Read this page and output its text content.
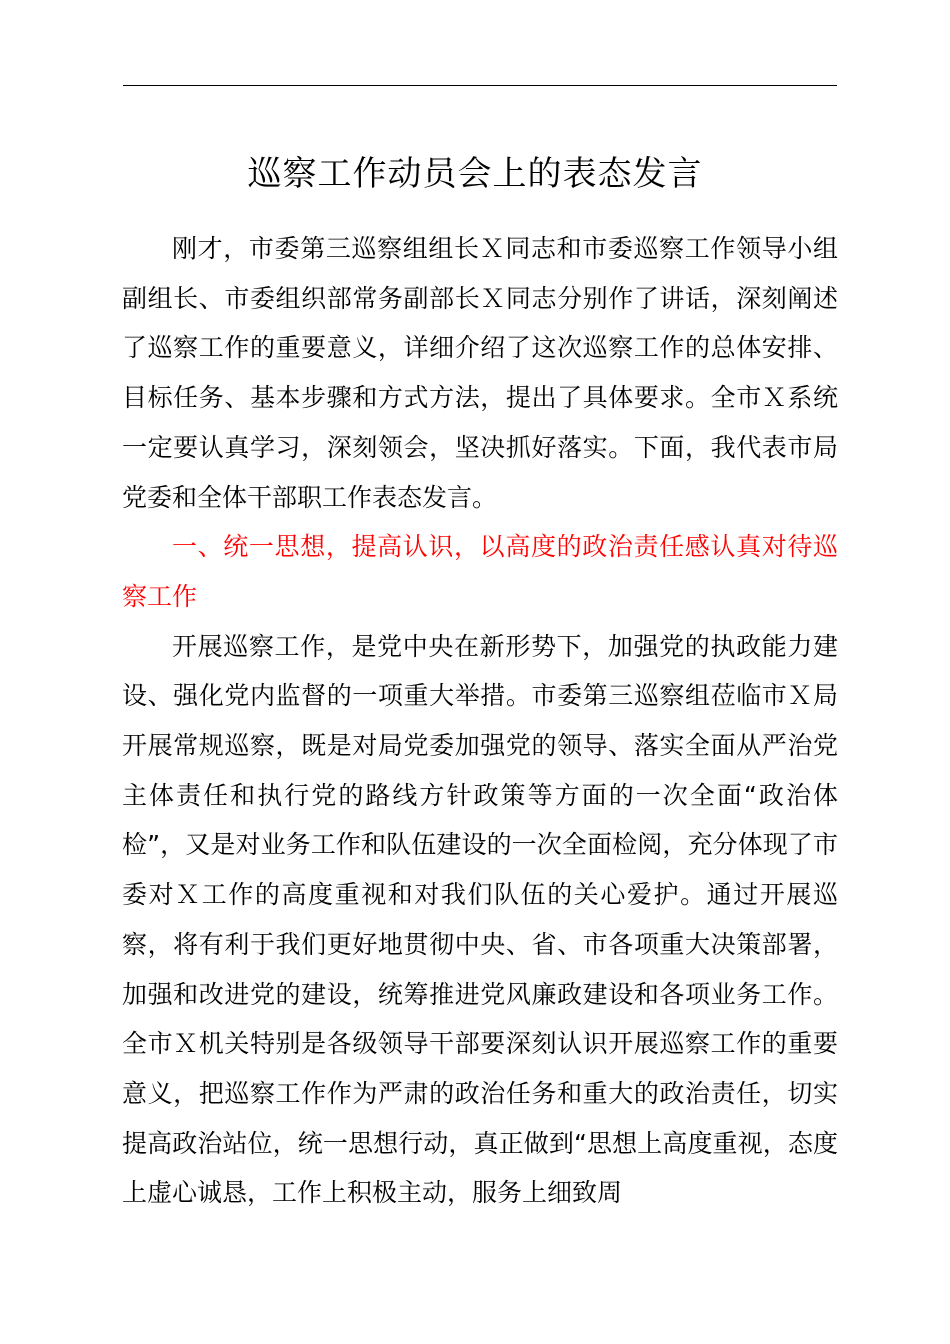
巡察工作动员会上的表态发言

刚才，市委第三巡察组组长Ｘ同志和市委巡察工作领导小组副组长、市委组织部常务副部长Ｘ同志分别作了讲话，深刻阐述了巡察工作的重要意义，详细介绍了这次巡察工作的总体安排、目标任务、基本步骤和方式方法，提出了具体要求。全市Ｘ系统一定要认真学习，深刻领会，坚决抓好落实。下面，我代表市局党委和全体干部职工作表态发言。

一、统一思想，提高认识，以高度的政治责任感认真对待巡察工作

开展巡察工作，是党中央在新形势下，加强党的执政能力建设、强化党内监督的一项重大举措。市委第三巡察组莅临市Ｘ局开展常规巡察，既是对局党委加强党的领导、落实全面从严治党主体责任和执行党的路线方针政策等方面的一次全面“政治体检”，又是对业务工作和队伍建设的一次全面检阅，充分体现了市委对Ｘ工作的高度重视和对我们队伍的关心爱护。通过开展巡察，将有利于我们更好地贯彻中央、省、市各项重大决策部署，加强和改进党的建设，统筹推进党风廉政建设和各项业务工作。全市Ｘ机关特别是各级领导干部要深刻认识开展巡察工作的重要意义，把巡察工作作为严肃的政治任务和重大的政治责任，切实提高政治站位，统一思想行动，真正做到“思想上高度重视，态度上虚心诚恳，工作上积极主动，服务上细致周
